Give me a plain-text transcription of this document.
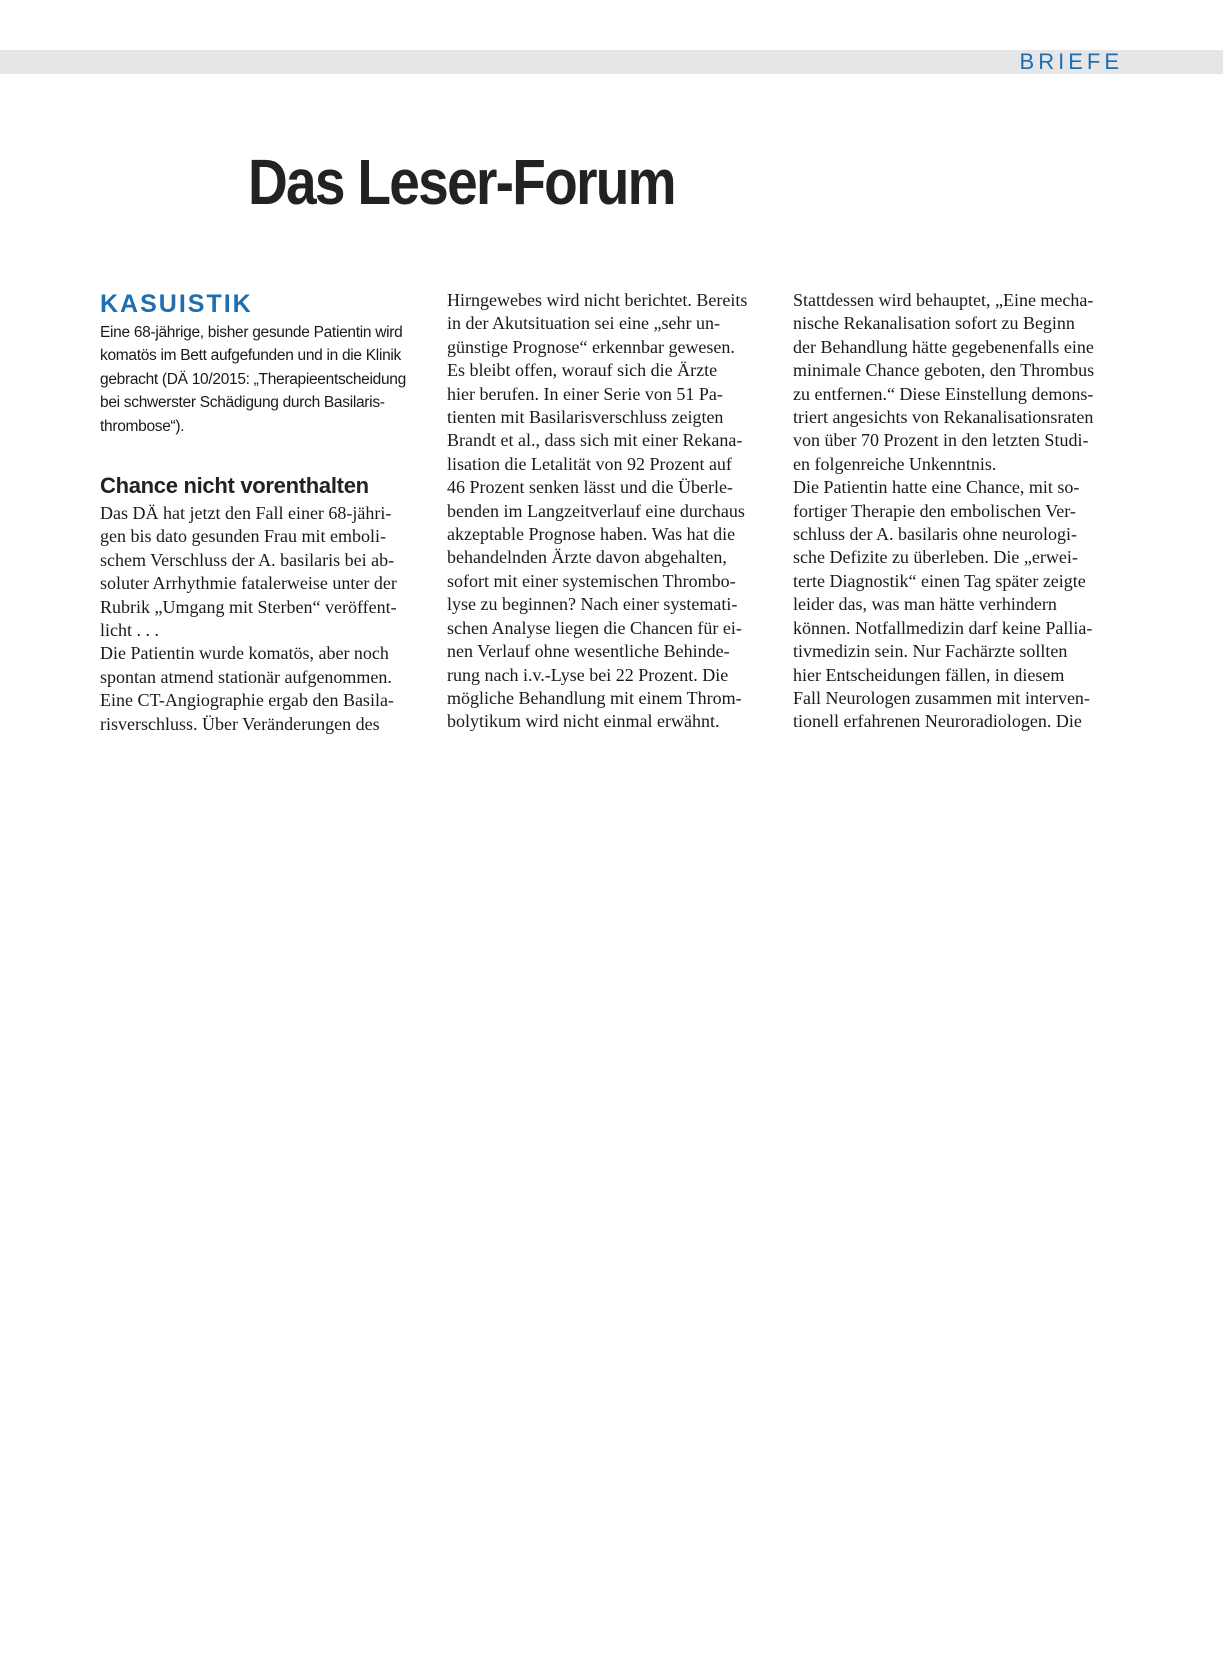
BRIEFE
Das Leser-Forum
KASUISTIK

Eine 68-jährige, bisher gesunde Patientin wird
komatös im Bett aufgefunden und in die Klinik
gebracht (DÄ 10/2015: „Therapieentscheidung
bei schwerster Schädigung durch Basilaris-
thrombose“).

Chance nicht vorenthalten

Das DÄ hat jetzt den Fall einer 68-jähri-
gen bis dato gesunden Frau mit emboli-
schem Verschluss der A. basilaris bei ab-
soluter Arrhythmie fatalerweise unter der
Rubrik „Umgang mit Sterben“ veröffent-
licht . . .
Die Patientin wurde komatös, aber noch
spontan atmend stationär aufgenommen.
Eine CT-Angiographie ergab den Basila-
risverschluss. Über Veränderungen des

Hirngewebes wird nicht berichtet. Bereits
in der Akutsituation sei eine „sehr un-
günstige Prognose“ erkennbar gewesen.
Es bleibt offen, worauf sich die Ärzte
hier berufen. In einer Serie von 51 Pa-
tienten mit Basilarisverschluss zeigten
Brandt et al., dass sich mit einer Rekana-
lisation die Letalität von 92 Prozent auf
46 Prozent senken lässt und die Überle-
benden im Langzeitverlauf eine durchaus
akzeptable Prognose haben. Was hat die
behandelnden Ärzte davon abgehalten,
sofort mit einer systemischen Thrombo-
lyse zu beginnen? Nach einer systemati-
schen Analyse liegen die Chancen für ei-
nen Verlauf ohne wesentliche Behinde-
rung nach i.v.-Lyse bei 22 Prozent. Die
mögliche Behandlung mit einem Throm-
bolytikum wird nicht einmal erwähnt.

Stattdessen wird behauptet, „Eine mecha-
nische Rekanalisation sofort zu Beginn
der Behandlung hätte gegebenenfalls eine
minimale Chance geboten, den Thrombus
zu entfernen.“ Diese Einstellung demons-
triert angesichts von Rekanalisationsraten
von über 70 Prozent in den letzten Studi-
en folgenreiche Unkenntnis.
Die Patientin hatte eine Chance, mit so-
fortiger Therapie den embolischen Ver-
schluss der A. basilaris ohne neurologi-
sche Defizite zu überleben. Die „erwei-
terte Diagnostik“ einen Tag später zeigte
leider das, was man hätte verhindern
können. Notfallmedizin darf keine Pallia-
tivmedizin sein. Nur Fachärzte sollten
hier Entscheidungen fällen, in diesem
Fall Neurologen zusammen mit interven-
tionell erfahrenen Neuroradiologen. Die
